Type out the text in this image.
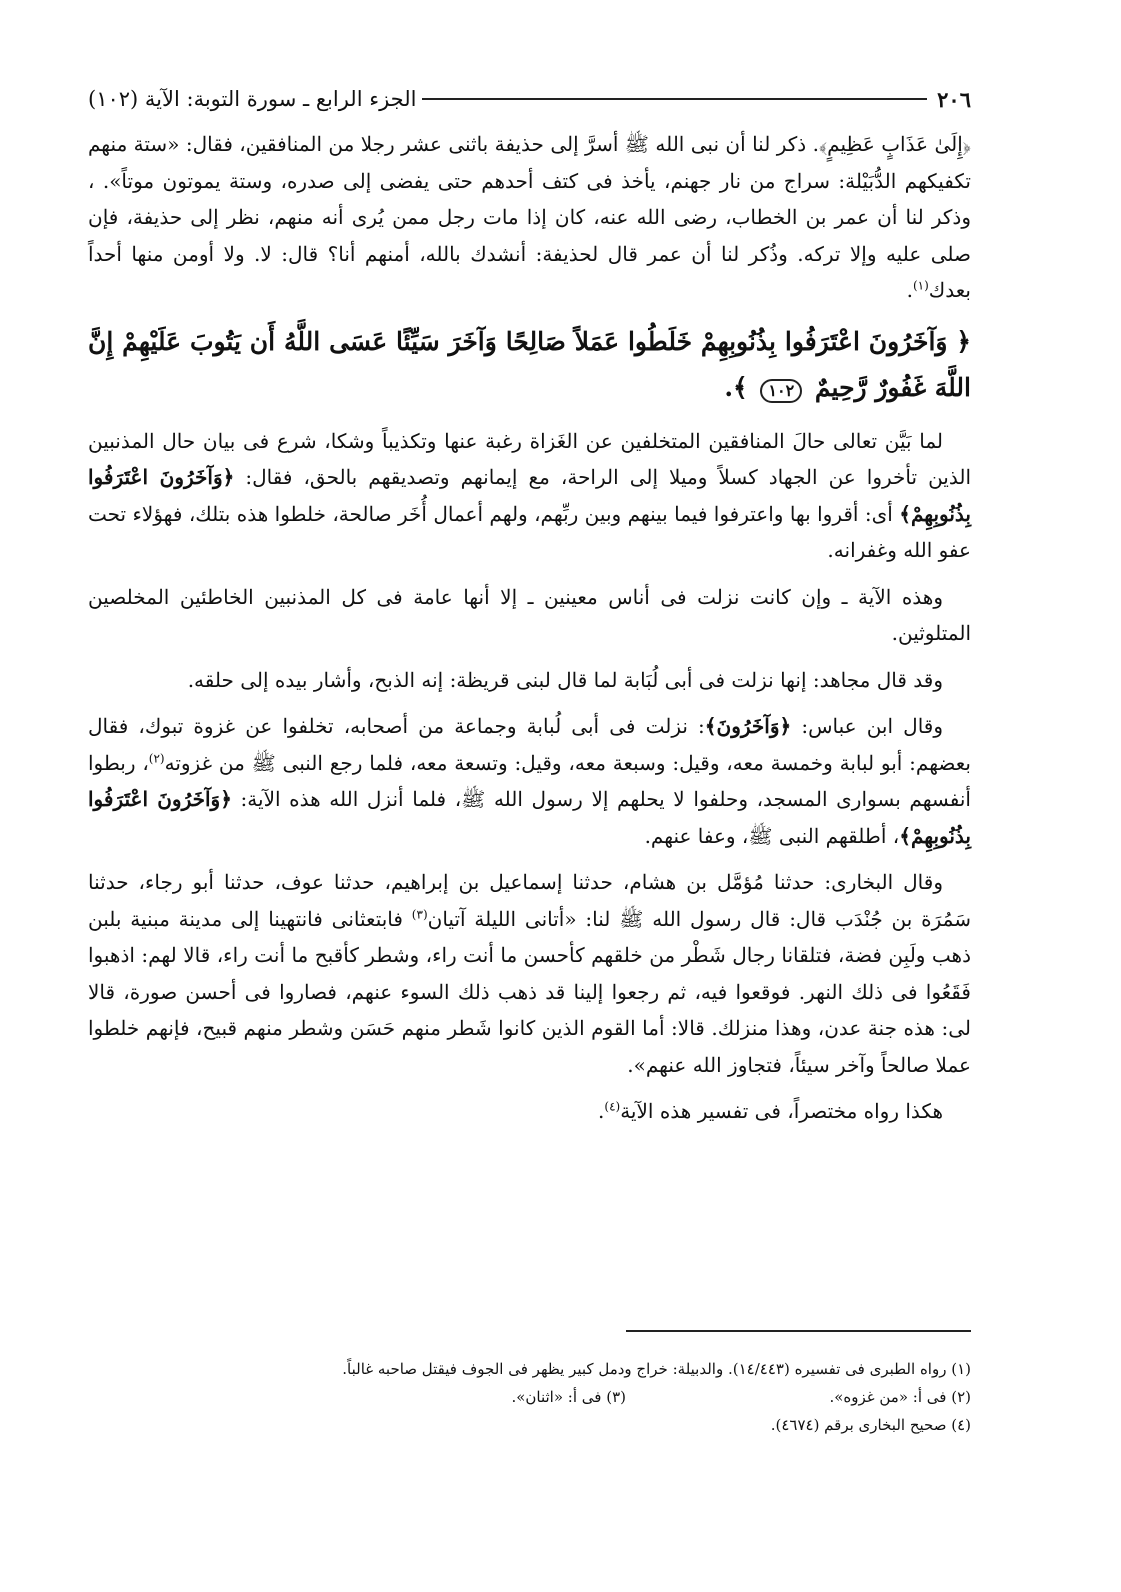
٢٠٦
الجزء الرابع ـ سورة التوبة: الآية (١٠٢)

﴿إِلَىٰ عَذَابٍ عَظِيمٍ﴾. ذكر لنا أن نبى الله ﷺ أسرَّ إلى حذيفة باثنى عشر رجلا من المنافقين، فقال: «ستة منهم تكفيكهم الدُّبَيْلة: سراج من نار جهنم، يأخذ فى كتف أحدهم حتى يفضى إلى صدره، وستة يموتون موتاً». ، وذكر لنا أن عمر بن الخطاب، رضى الله عنه، كان إذا مات رجل ممن يُرى أنه منهم، نظر إلى حذيفة، فإن صلى عليه وإلا تركه. وذُكر لنا أن عمر قال لحذيفة: أنشدك بالله، أمنهم أنا؟ قال: لا. ولا أومن منها أحداً بعدك$^{(١)}$.

﴿ وَآخَرُونَ اعْتَرَفُوا بِذُنُوبِهِمْ خَلَطُوا عَمَلاً صَالِحًا وَآخَرَ سَيِّئًا عَسَى اللَّهُ أَن يَتُوبَ عَلَيْهِمْ إِنَّ اللَّهَ غَفُورٌ رَّحِيمٌ ١٠٢ ﴾.

لما بَيَّن تعالى حالَ المنافقين المتخلفين عن الغَزاة رغبة عنها وتكذيباً وشكا، شرع فى بيان حال المذنبين الذين تأخروا عن الجهاد كسلاً وميلا إلى الراحة، مع إيمانهم وتصديقهم بالحق، فقال: ﴿وَآخَرُونَ اعْتَرَفُوا بِذُنُوبِهِمْ﴾ أى: أقروا بها واعترفوا فيما بينهم وبين ربِّهم، ولهم أعمال أُخَر صالحة، خلطوا هذه بتلك، فهؤلاء تحت عفو الله وغفرانه.

وهذه الآية ـ وإن كانت نزلت فى أناس معينين ـ إلا أنها عامة فى كل المذنبين الخاطئين المخلصين المتلوثين.

وقد قال مجاهد: إنها نزلت فى أبى لُبَابة لما قال لبنى قريظة: إنه الذبح، وأشار بيده إلى حلقه.

وقال ابن عباس: ﴿وَآخَرُونَ﴾: نزلت فى أبى لُبابة وجماعة من أصحابه، تخلفوا عن غزوة تبوك، فقال بعضهم: أبو لبابة وخمسة معه، وقيل: وسبعة معه، وقيل: وتسعة معه، فلما رجع النبى ﷺ من غزوته$^{(٢)}$، ربطوا أنفسهم بسوارى المسجد، وحلفوا لا يحلهم إلا رسول الله ﷺ، فلما أنزل الله هذه الآية: ﴿وَآخَرُونَ اعْتَرَفُوا بِذُنُوبِهِمْ﴾، أطلقهم النبى ﷺ، وعفا عنهم.

وقال البخارى: حدثنا مُؤمَّل بن هشام، حدثنا إسماعيل بن إبراهيم، حدثنا عوف، حدثنا أبو رجاء، حدثنا سَمُرَة بن جُنْدَب قال: قال رسول الله ﷺ لنا: «أتانى الليلة آتيان$^{(٣)}$ فابتعثانى فانتهينا إلى مدينة مبنية بلبن ذهب ولَبِن فضة، فتلقانا رجال شَطْر من خلقهم كأحسن ما أنت راء، وشطر كأقبح ما أنت راء، قالا لهم: اذهبوا فَقَعُوا فى ذلك النهر. فوقعوا فيه، ثم رجعوا إلينا قد ذهب ذلك السوء عنهم، فصاروا فى أحسن صورة، قالا لى: هذه جنة عدن، وهذا منزلك. قالا: أما القوم الذين كانوا شَطر منهم حَسَن وشطر منهم قبيح، فإنهم خلطوا عملا صالحاً وآخر سيئاً، فتجاوز الله عنهم».

هكذا رواه مختصراً، فى تفسير هذه الآية$^{(٤)}$.

(١) رواه الطبرى فى تفسيره (١٤/٤٤٣). والدبيلة: خراج ودمل كبير يظهر فى الجوف فيقتل صاحبه غالباً.
(٢) فى أ: «من غزوه».
(٣) فى أ: «اثنان».
(٤) صحيح البخارى برقم (٤٦٧٤).
